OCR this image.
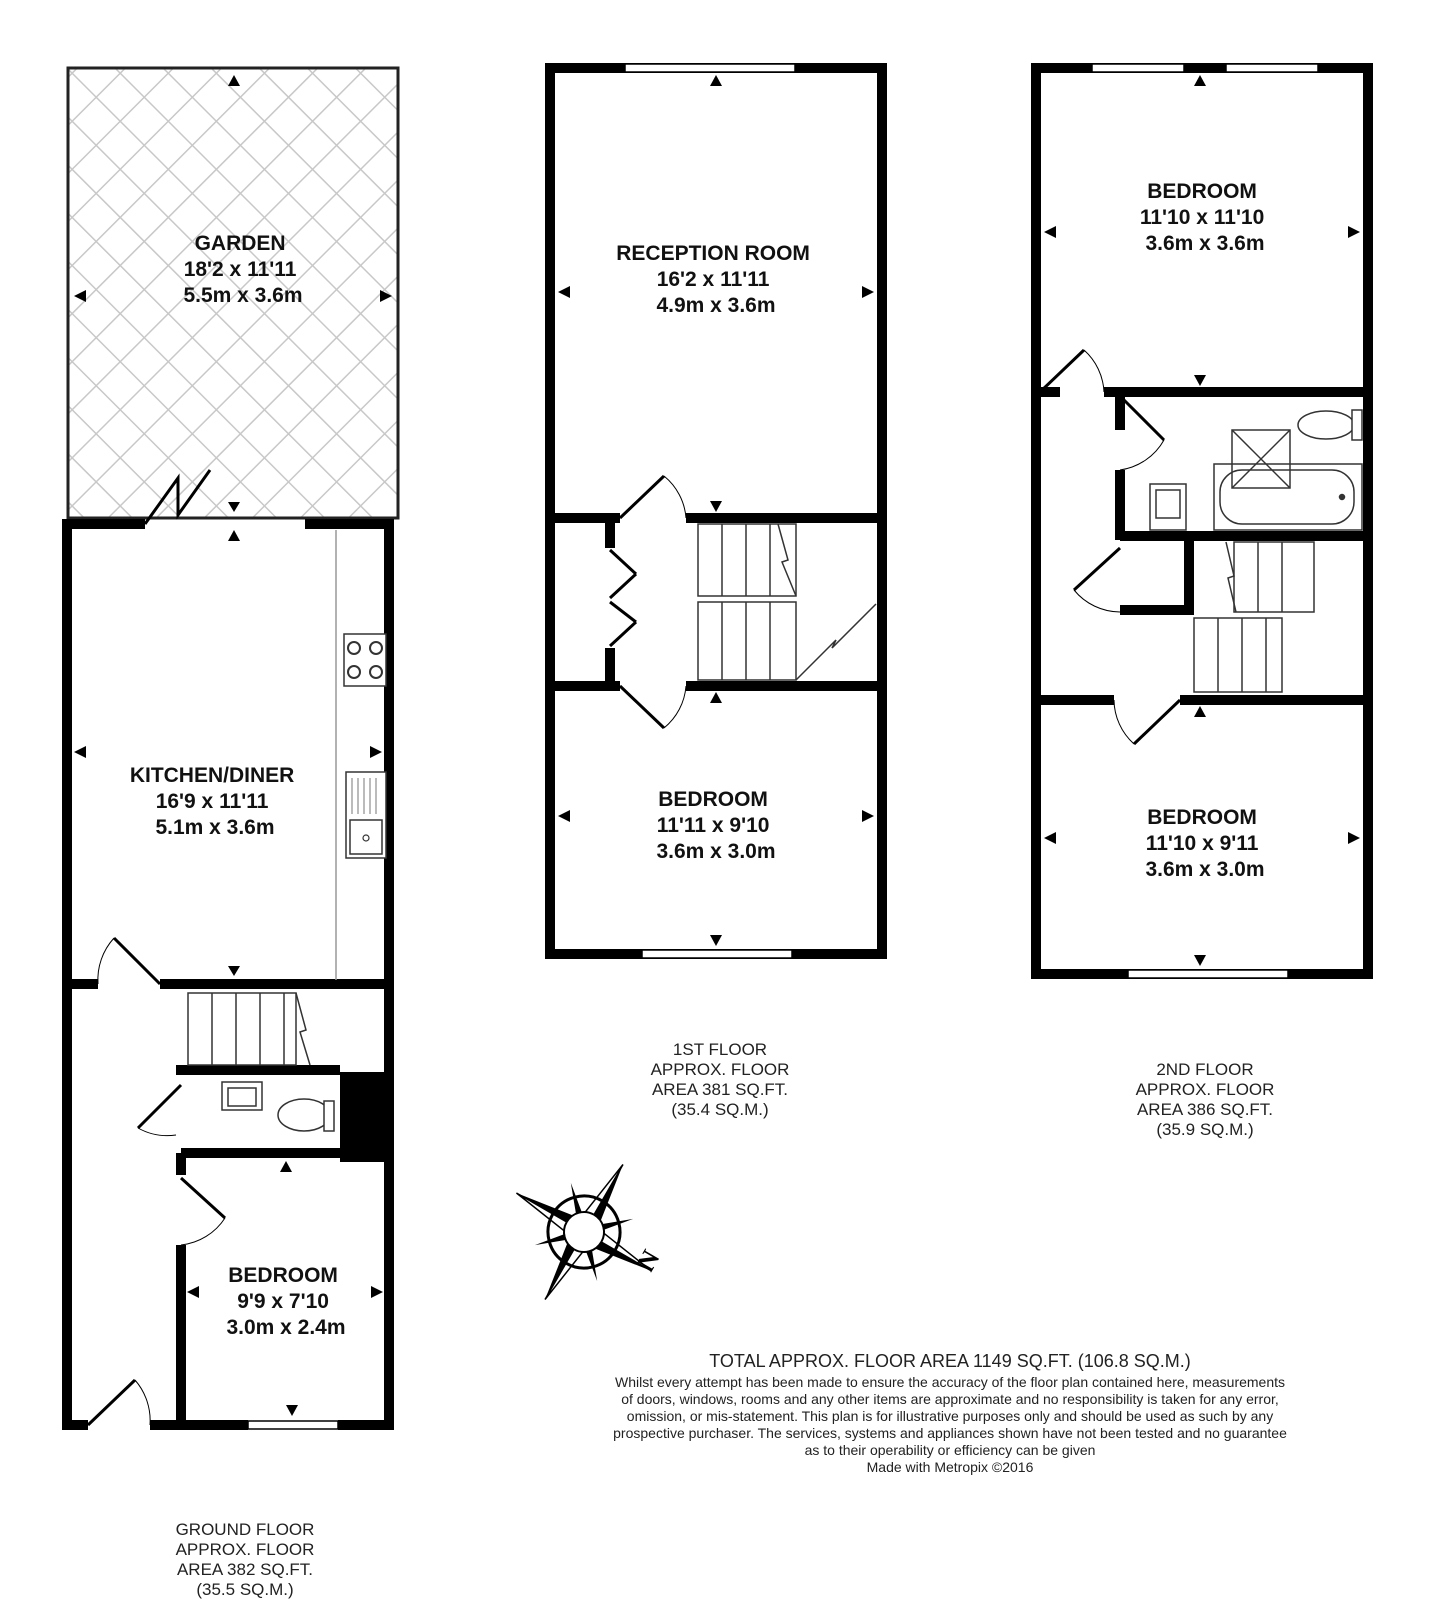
GARDEN 18'2 x 11'11 5.5m x 3.6m
KITCHEN/DINER 16'9 x 11'11 5.1m x 3.6m
BEDROOM 9'9 x 7'10 3.0m x 2.4m
RECEPTION ROOM 16'2 x 11'11 4.9m x 3.6m
BEDROOM 11'11 x 9'10 3.6m x 3.0m
BEDROOM 11'10 x 11'10 3.6m x 3.6m
BEDROOM 11'10 x 9'11 3.6m x 3.0m
N
GROUND FLOOR
APPROX. FLOOR
AREA 382 SQ.FT.
(35.5 SQ.M.)
1ST FLOOR
APPROX. FLOOR
AREA 381 SQ.FT.
(35.4 SQ.M.)
2ND FLOOR
APPROX. FLOOR
AREA 386 SQ.FT.
(35.9 SQ.M.)
TOTAL APPROX. FLOOR AREA 1149 SQ.FT. (106.8 SQ.M.)
Whilst every attempt has been made to ensure the accuracy of the floor plan contained here, measurements
of doors, windows, rooms and any other items are approximate and no responsibility is taken for any error,
omission, or mis-statement. This plan is for illustrative purposes only and should be used as such by any
prospective purchaser. The services, systems and appliances shown have not been tested and no guarantee
as to their operability or efficiency can be given
Made with Metropix ©2016
